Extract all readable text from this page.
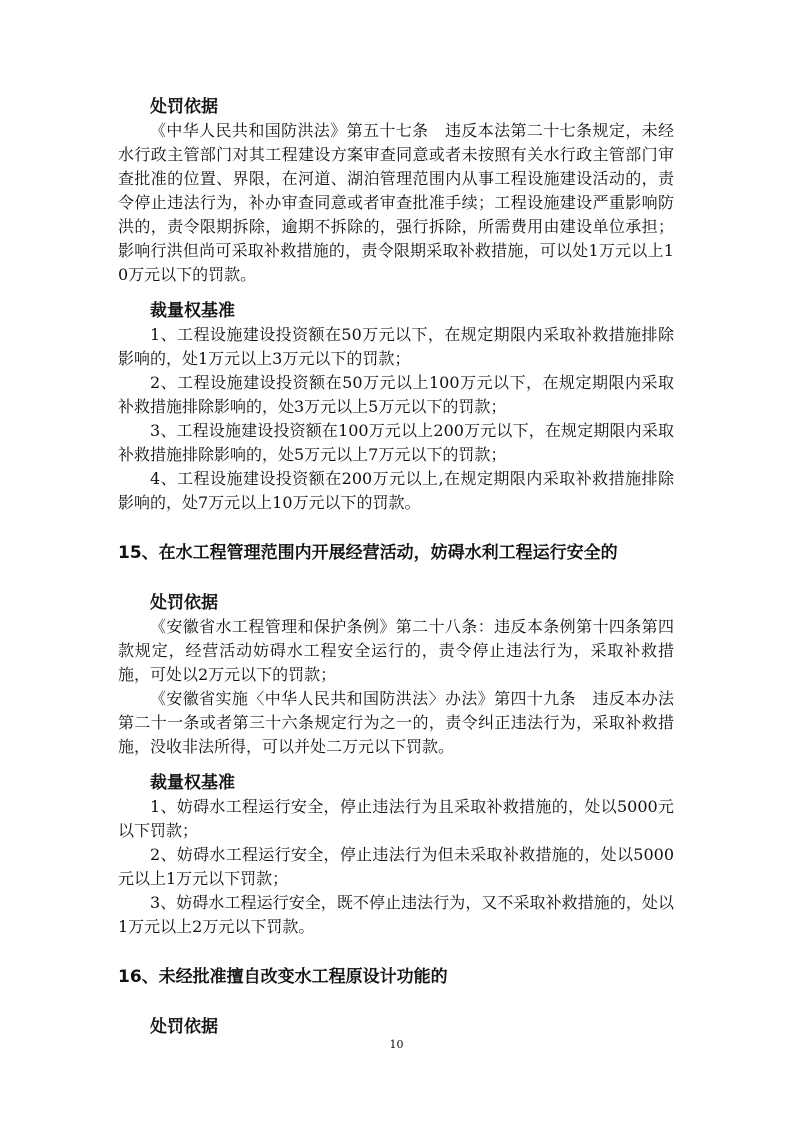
处罚依据

《中华人民共和国防洪法》第五十七条　违反本法第二十七条规定，未经水行政主管部门对其工程建设方案审查同意或者未按照有关水行政主管部门审查批准的位置、界限，在河道、湖泊管理范围内从事工程设施建设活动的，责令停止违法行为，补办审查同意或者审查批准手续；工程设施建设严重影响防洪的，责令限期拆除，逾期不拆除的，强行拆除，所需费用由建设单位承担；影响行洪但尚可采取补救措施的，责令限期采取补救措施，可以处1万元以上10万元以下的罚款。

裁量权基准

1、工程设施建设投资额在50万元以下，在规定期限内采取补救措施排除影响的，处1万元以上3万元以下的罚款；

2、工程设施建设投资额在50万元以上100万元以下，在规定期限内采取补救措施排除影响的，处3万元以上5万元以下的罚款；

3、工程设施建设投资额在100万元以上200万元以下，在规定期限内采取补救措施排除影响的，处5万元以上7万元以下的罚款；

4、工程设施建设投资额在200万元以上,在规定期限内采取补救措施排除影响的，处7万元以上10万元以下的罚款。

15、在水工程管理范围内开展经营活动，妨碍水利工程运行安全的

处罚依据

《安徽省水工程管理和保护条例》第二十八条：违反本条例第十四条第四款规定，经营活动妨碍水工程安全运行的，责令停止违法行为，采取补救措施，可处以2万元以下的罚款；

《安徽省实施〈中华人民共和国防洪法〉办法》第四十九条　违反本办法第二十一条或者第三十六条规定行为之一的，责令纠正违法行为，采取补救措施，没收非法所得，可以并处二万元以下罚款。

裁量权基准

1、妨碍水工程运行安全，停止违法行为且采取补救措施的，处以5000元以下罚款；

2、妨碍水工程运行安全，停止违法行为但未采取补救措施的，处以5000元以上1万元以下罚款；

3、妨碍水工程运行安全，既不停止违法行为，又不采取补救措施的，处以1万元以上2万元以下罚款。

16、未经批准擅自改变水工程原设计功能的

处罚依据

10
